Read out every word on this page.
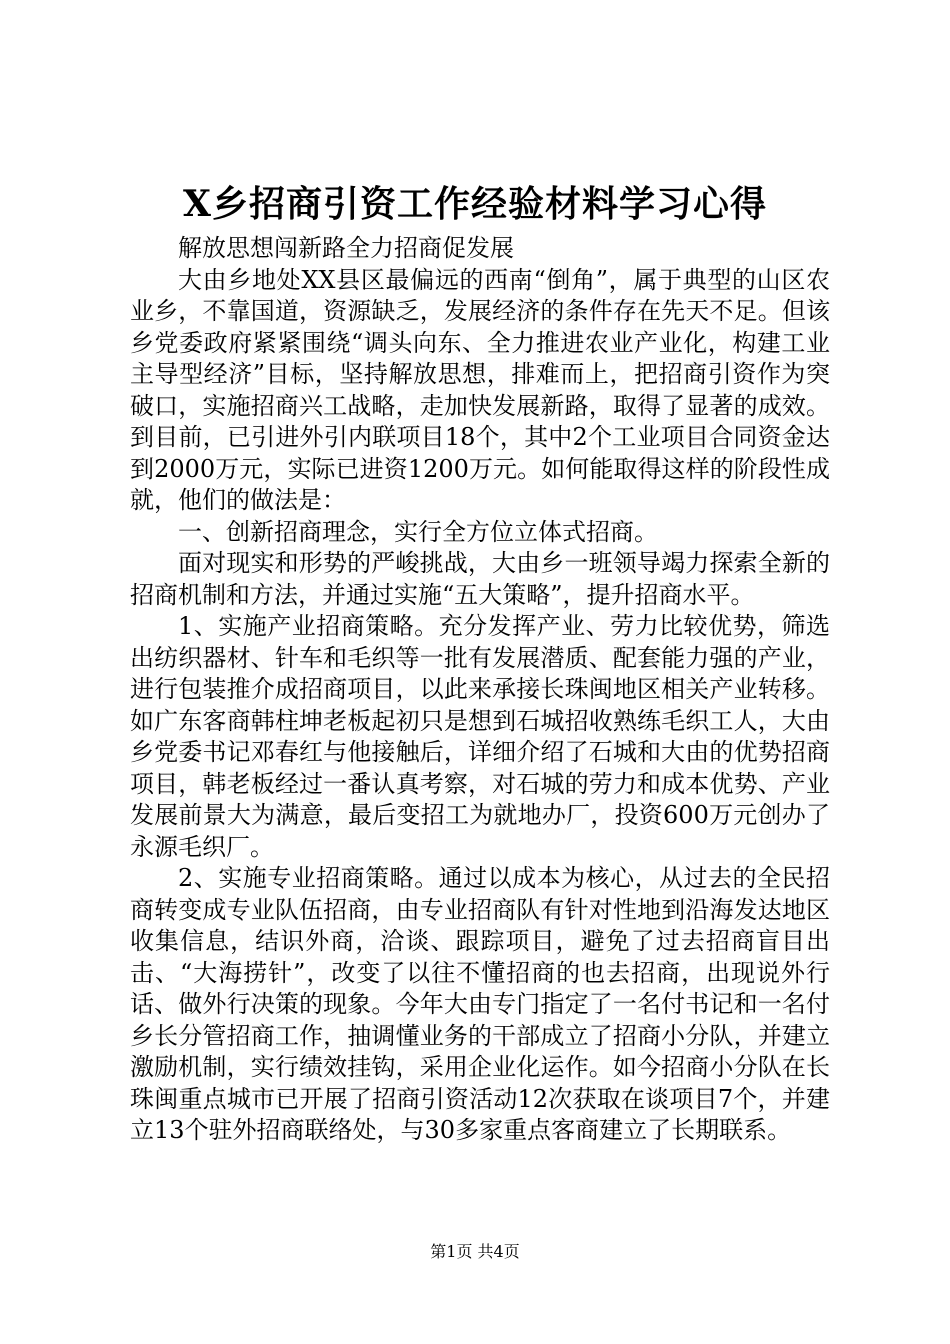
X乡招商引资工作经验材料学习心得

解放思想闯新路全力招商促发展

大由乡地处XX县区最偏远的西南“倒角”，属于典型的山区农业乡，不靠国道，资源缺乏，发展经济的条件存在先天不足。但该乡党委政府紧紧围绕“调头向东、全力推进农业产业化，构建工业主导型经济”目标，坚持解放思想，排难而上，把招商引资作为突破口，实施招商兴工战略，走加快发展新路，取得了显著的成效。到目前，已引进外引内联项目18个，其中2个工业项目合同资金达到2000万元，实际已进资1200万元。如何能取得这样的阶段性成就，他们的做法是：

一、创新招商理念，实行全方位立体式招商。

面对现实和形势的严峻挑战，大由乡一班领导竭力探索全新的招商机制和方法，并通过实施“五大策略”，提升招商水平。

1、实施产业招商策略。充分发挥产业、劳力比较优势，筛选出纺织器材、针车和毛织等一批有发展潜质、配套能力强的产业，进行包装推介成招商项目，以此来承接长珠闽地区相关产业转移。如广东客商韩柱坤老板起初只是想到石城招收熟练毛织工人，大由乡党委书记邓春红与他接触后，详细介绍了石城和大由的优势招商项目，韩老板经过一番认真考察，对石城的劳力和成本优势、产业发展前景大为满意，最后变招工为就地办厂，投资600万元创办了永源毛织厂。

2、实施专业招商策略。通过以成本为核心，从过去的全民招商转变成专业队伍招商，由专业招商队有针对性地到沿海发达地区收集信息，结识外商，洽谈、跟踪项目，避免了过去招商盲目出击、“大海捞针”，改变了以往不懂招商的也去招商，出现说外行话、做外行决策的现象。今年大由专门指定了一名付书记和一名付乡长分管招商工作，抽调懂业务的干部成立了招商小分队，并建立激励机制，实行绩效挂钩，采用企业化运作。如今招商小分队在长珠闽重点城市已开展了招商引资活动12次获取在谈项目7个，并建立13个驻外招商联络处，与30多家重点客商建立了长期联系。

第1页 共4页
